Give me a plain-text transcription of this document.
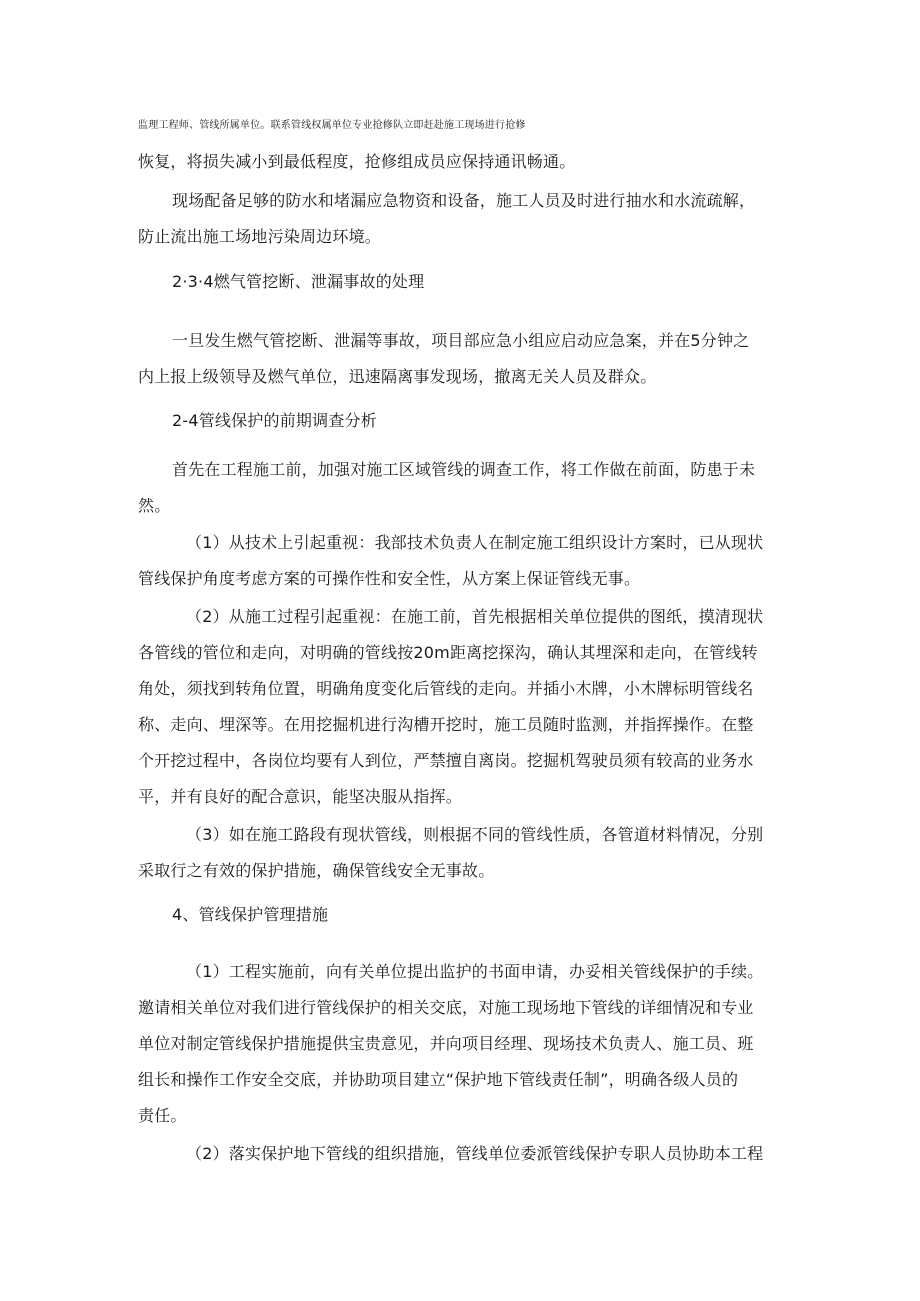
监理工程师、管线所属单位。联系管线权属单位专业抢修队立即赶赴施工现场进行抢修
恢复，将损失减小到最低程度，抢修组成员应保持通讯畅通。
现场配备足够的防水和堵漏应急物资和设备，施工人员及时进行抽水和水流疏解，
防止流出施工场地污染周边环境。
2·3·4燃气管挖断、泄漏事故的处理
一旦发生燃气管挖断、泄漏等事故，项目部应急小组应启动应急案，并在5分钟之
内上报上级领导及燃气单位，迅速隔离事发现场，撤离无关人员及群众。
2-4管线保护的前期调查分析
首先在工程施工前，加强对施工区域管线的调查工作，将工作做在前面，防患于未
然。
（1）从技术上引起重视：我部技术负责人在制定施工组织设计方案时，已从现状
管线保护角度考虑方案的可操作性和安全性，从方案上保证管线无事。
（2）从施工过程引起重视：在施工前，首先根据相关单位提供的图纸，摸清现状
各管线的管位和走向，对明确的管线按20m距离挖探沟，确认其埋深和走向，在管线转
角处，须找到转角位置，明确角度变化后管线的走向。并插小木牌，小木牌标明管线名
称、走向、埋深等。在用挖掘机进行沟槽开挖时，施工员随时监测，并指挥操作。在整
个开挖过程中，各岗位均要有人到位，严禁擅自离岗。挖掘机驾驶员须有较高的业务水
平，并有良好的配合意识，能坚决服从指挥。
（3）如在施工路段有现状管线，则根据不同的管线性质，各管道材料情况，分别
采取行之有效的保护措施，确保管线安全无事故。
4、管线保护管理措施
（1）工程实施前，向有关单位提出监护的书面申请，办妥相关管线保护的手续。
邀请相关单位对我们进行管线保护的相关交底，对施工现场地下管线的详细情况和专业
单位对制定管线保护措施提供宝贵意见，并向项目经理、现场技术负责人、施工员、班
组长和操作工作安全交底，并协助项目建立“保护地下管线责任制”，明确各级人员的
责任。
（2）落实保护地下管线的组织措施，管线单位委派管线保护专职人员协助本工程
